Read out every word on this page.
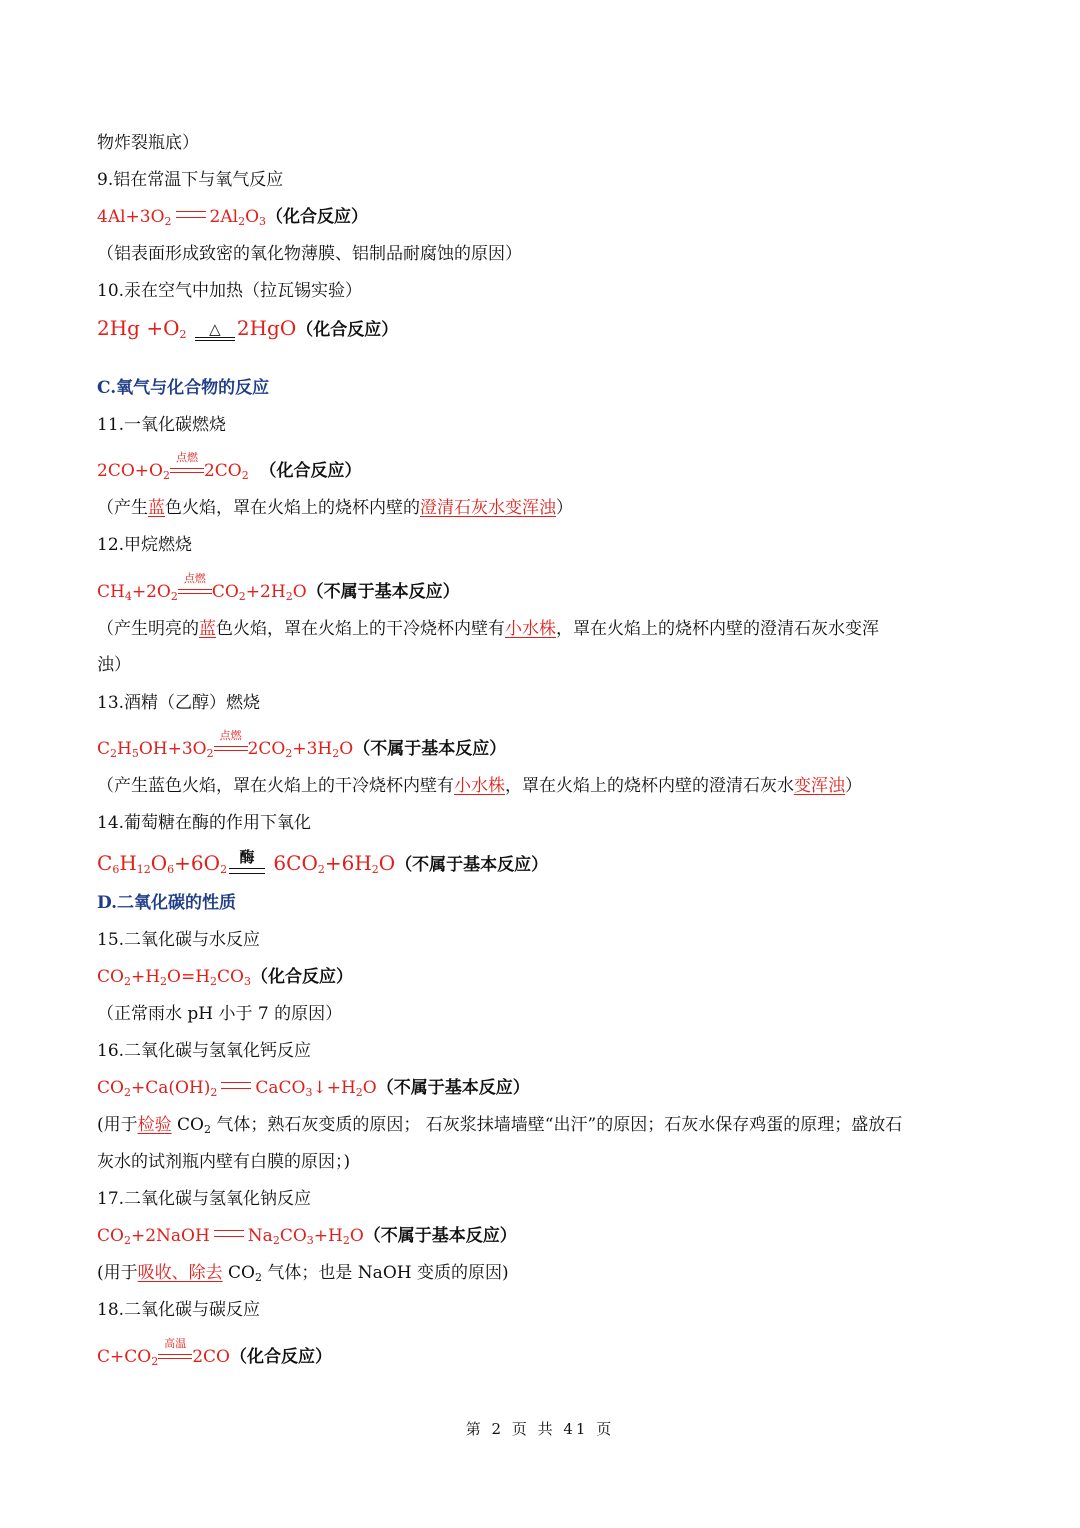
物炸裂瓶底）
9.铝在常温下与氧气反应
$4Al+3O_2$ $2Al_2O_3$（化合反应）
（铝表面形成致密的氧化物薄膜、铝制品耐腐蚀的原因）
10.汞在空气中加热（拉瓦锡实验）
$2Hg +O_2$	△ 2HgO（化合反应）
C.氧气与化合物的反应
11.一氧化碳燃烧
$2CO+O_2$
点燃
$2CO_2$ （化合反应）
（产生蓝色火焰，罩在火焰上的烧杯内壁的澄清石灰水变浑浊）
12.甲烷燃烧
$CH_4+2O_2$
点燃
$CO_2+2H_2O$（不属于基本反应）
（产生明亮的蓝色火焰，罩在火焰上的干冷烧杯内壁有小水株，罩在火焰上的烧杯内壁的澄清石灰水变浑
浊）
13.酒精（乙醇）燃烧
$C_2H_5OH+3O_2$
点燃
$2CO_2+3H_2O$（不属于基本反应）
（产生蓝色火焰，罩在火焰上的干冷烧杯内壁有小水株，罩在火焰上的烧杯内壁的澄清石灰水变浑浊）
14.葡萄糖在酶的作用下氧化
$C_6H_{12}O_6+6O_2$
酶 $6CO_2+6H_2O$（不属于基本反应）
D.二氧化碳的性质
15.二氧化碳与水反应
$CO_2+H_2O=H_2CO_3$（化合反应）
（正常雨水 pH 小于 7 的原因）
16.二氧化碳与氢氧化钙反应
$CO_2+Ca(OH)_2$ $CaCO_3↓+H_2O$（不属于基本反应）
(用于检验 $CO_2$ 气体；熟石灰变质的原因； 石灰浆抹墙墙壁“出汗”的原因；石灰水保存鸡蛋的原理；盛放石
灰水的试剂瓶内壁有白膜的原因；)
17.二氧化碳与氢氧化钠反应
$CO_2+2NaOH$ $Na_2CO_3+H_2O$（不属于基本反应）
(用于吸收、除去 $CO_2$ 气体；也是 NaOH 变质的原因)
18.二氧化碳与碳反应
$C+CO_2$
高温
2CO（化合反应）
第 2 页 共 41 页
